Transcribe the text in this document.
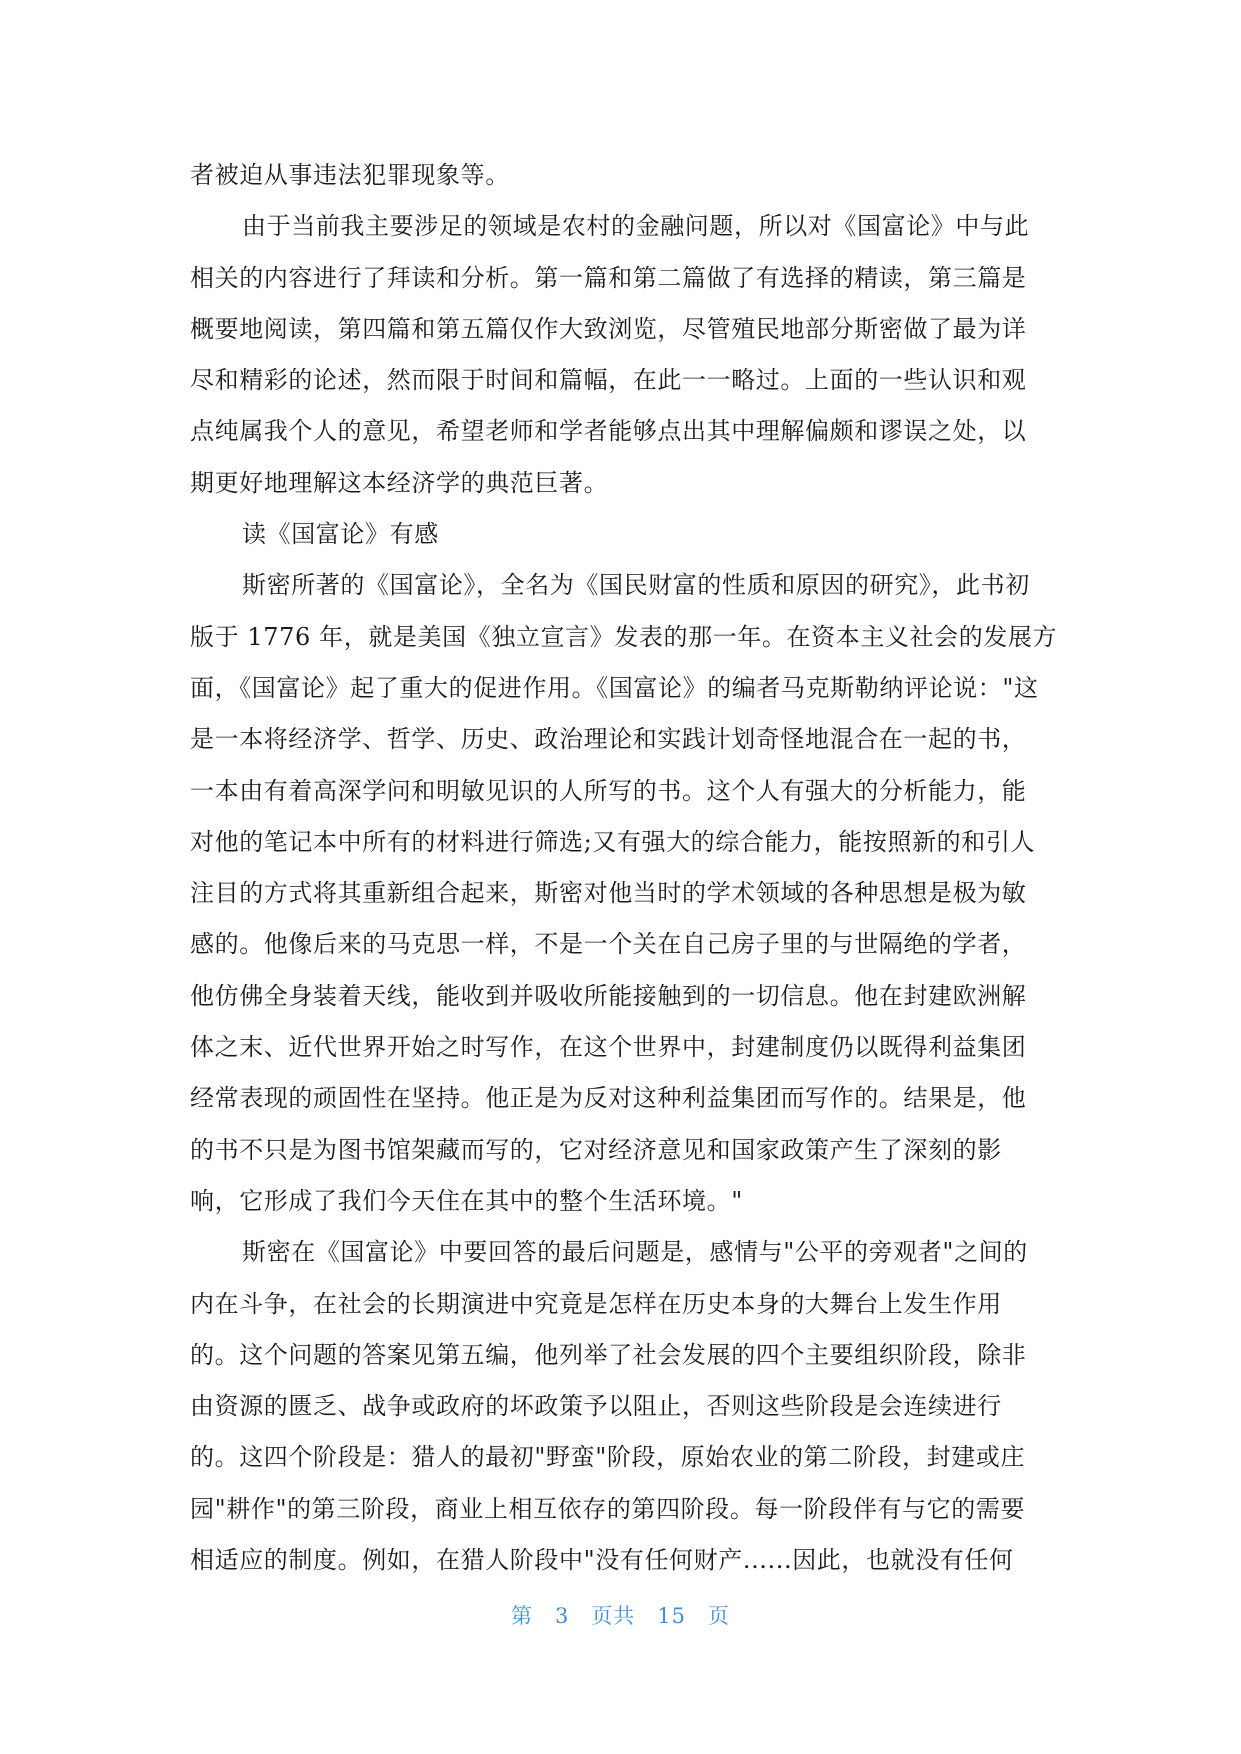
者被迫从事违法犯罪现象等。
由于当前我主要涉足的领域是农村的金融问题，所以对《国富论》中与此
相关的内容进行了拜读和分析。第一篇和第二篇做了有选择的精读，第三篇是
概要地阅读，第四篇和第五篇仅作大致浏览，尽管殖民地部分斯密做了最为详
尽和精彩的论述，然而限于时间和篇幅，在此一一略过。上面的一些认识和观
点纯属我个人的意见，希望老师和学者能够点出其中理解偏颇和谬误之处，以
期更好地理解这本经济学的典范巨著。
读《国富论》有感
斯密所著的《国富论》，全名为《国民财富的性质和原因的研究》，此书初
版于 1776 年，就是美国《独立宣言》发表的那一年。在资本主义社会的发展方
面，《国富论》起了重大的促进作用。《国富论》的编者马克斯勒纳评论说："这
是一本将经济学、哲学、历史、政治理论和实践计划奇怪地混合在一起的书，
一本由有着高深学问和明敏见识的人所写的书。这个人有强大的分析能力，能
对他的笔记本中所有的材料进行筛选;又有强大的综合能力，能按照新的和引人
注目的方式将其重新组合起来，斯密对他当时的学术领域的各种思想是极为敏
感的。他像后来的马克思一样，不是一个关在自己房子里的与世隔绝的学者，
他仿佛全身装着天线，能收到并吸收所能接触到的一切信息。他在封建欧洲解
体之末、近代世界开始之时写作，在这个世界中，封建制度仍以既得利益集团
经常表现的顽固性在坚持。他正是为反对这种利益集团而写作的。结果是，他
的书不只是为图书馆架藏而写的，它对经济意见和国家政策产生了深刻的影
响，它形成了我们今天住在其中的整个生活环境。"
斯密在《国富论》中要回答的最后问题是，感情与"公平的旁观者"之间的
内在斗争，在社会的长期演进中究竟是怎样在历史本身的大舞台上发生作用
的。这个问题的答案见第五编，他列举了社会发展的四个主要组织阶段，除非
由资源的匮乏、战争或政府的坏政策予以阻止，否则这些阶段是会连续进行
的。这四个阶段是：猎人的最初"野蛮"阶段，原始农业的第二阶段，封建或庄
园"耕作"的第三阶段，商业上相互依存的第四阶段。每一阶段伴有与它的需要
相适应的制度。例如，在猎人阶段中"没有任何财产......因此，也就没有任何
第 3 页共 15 页
